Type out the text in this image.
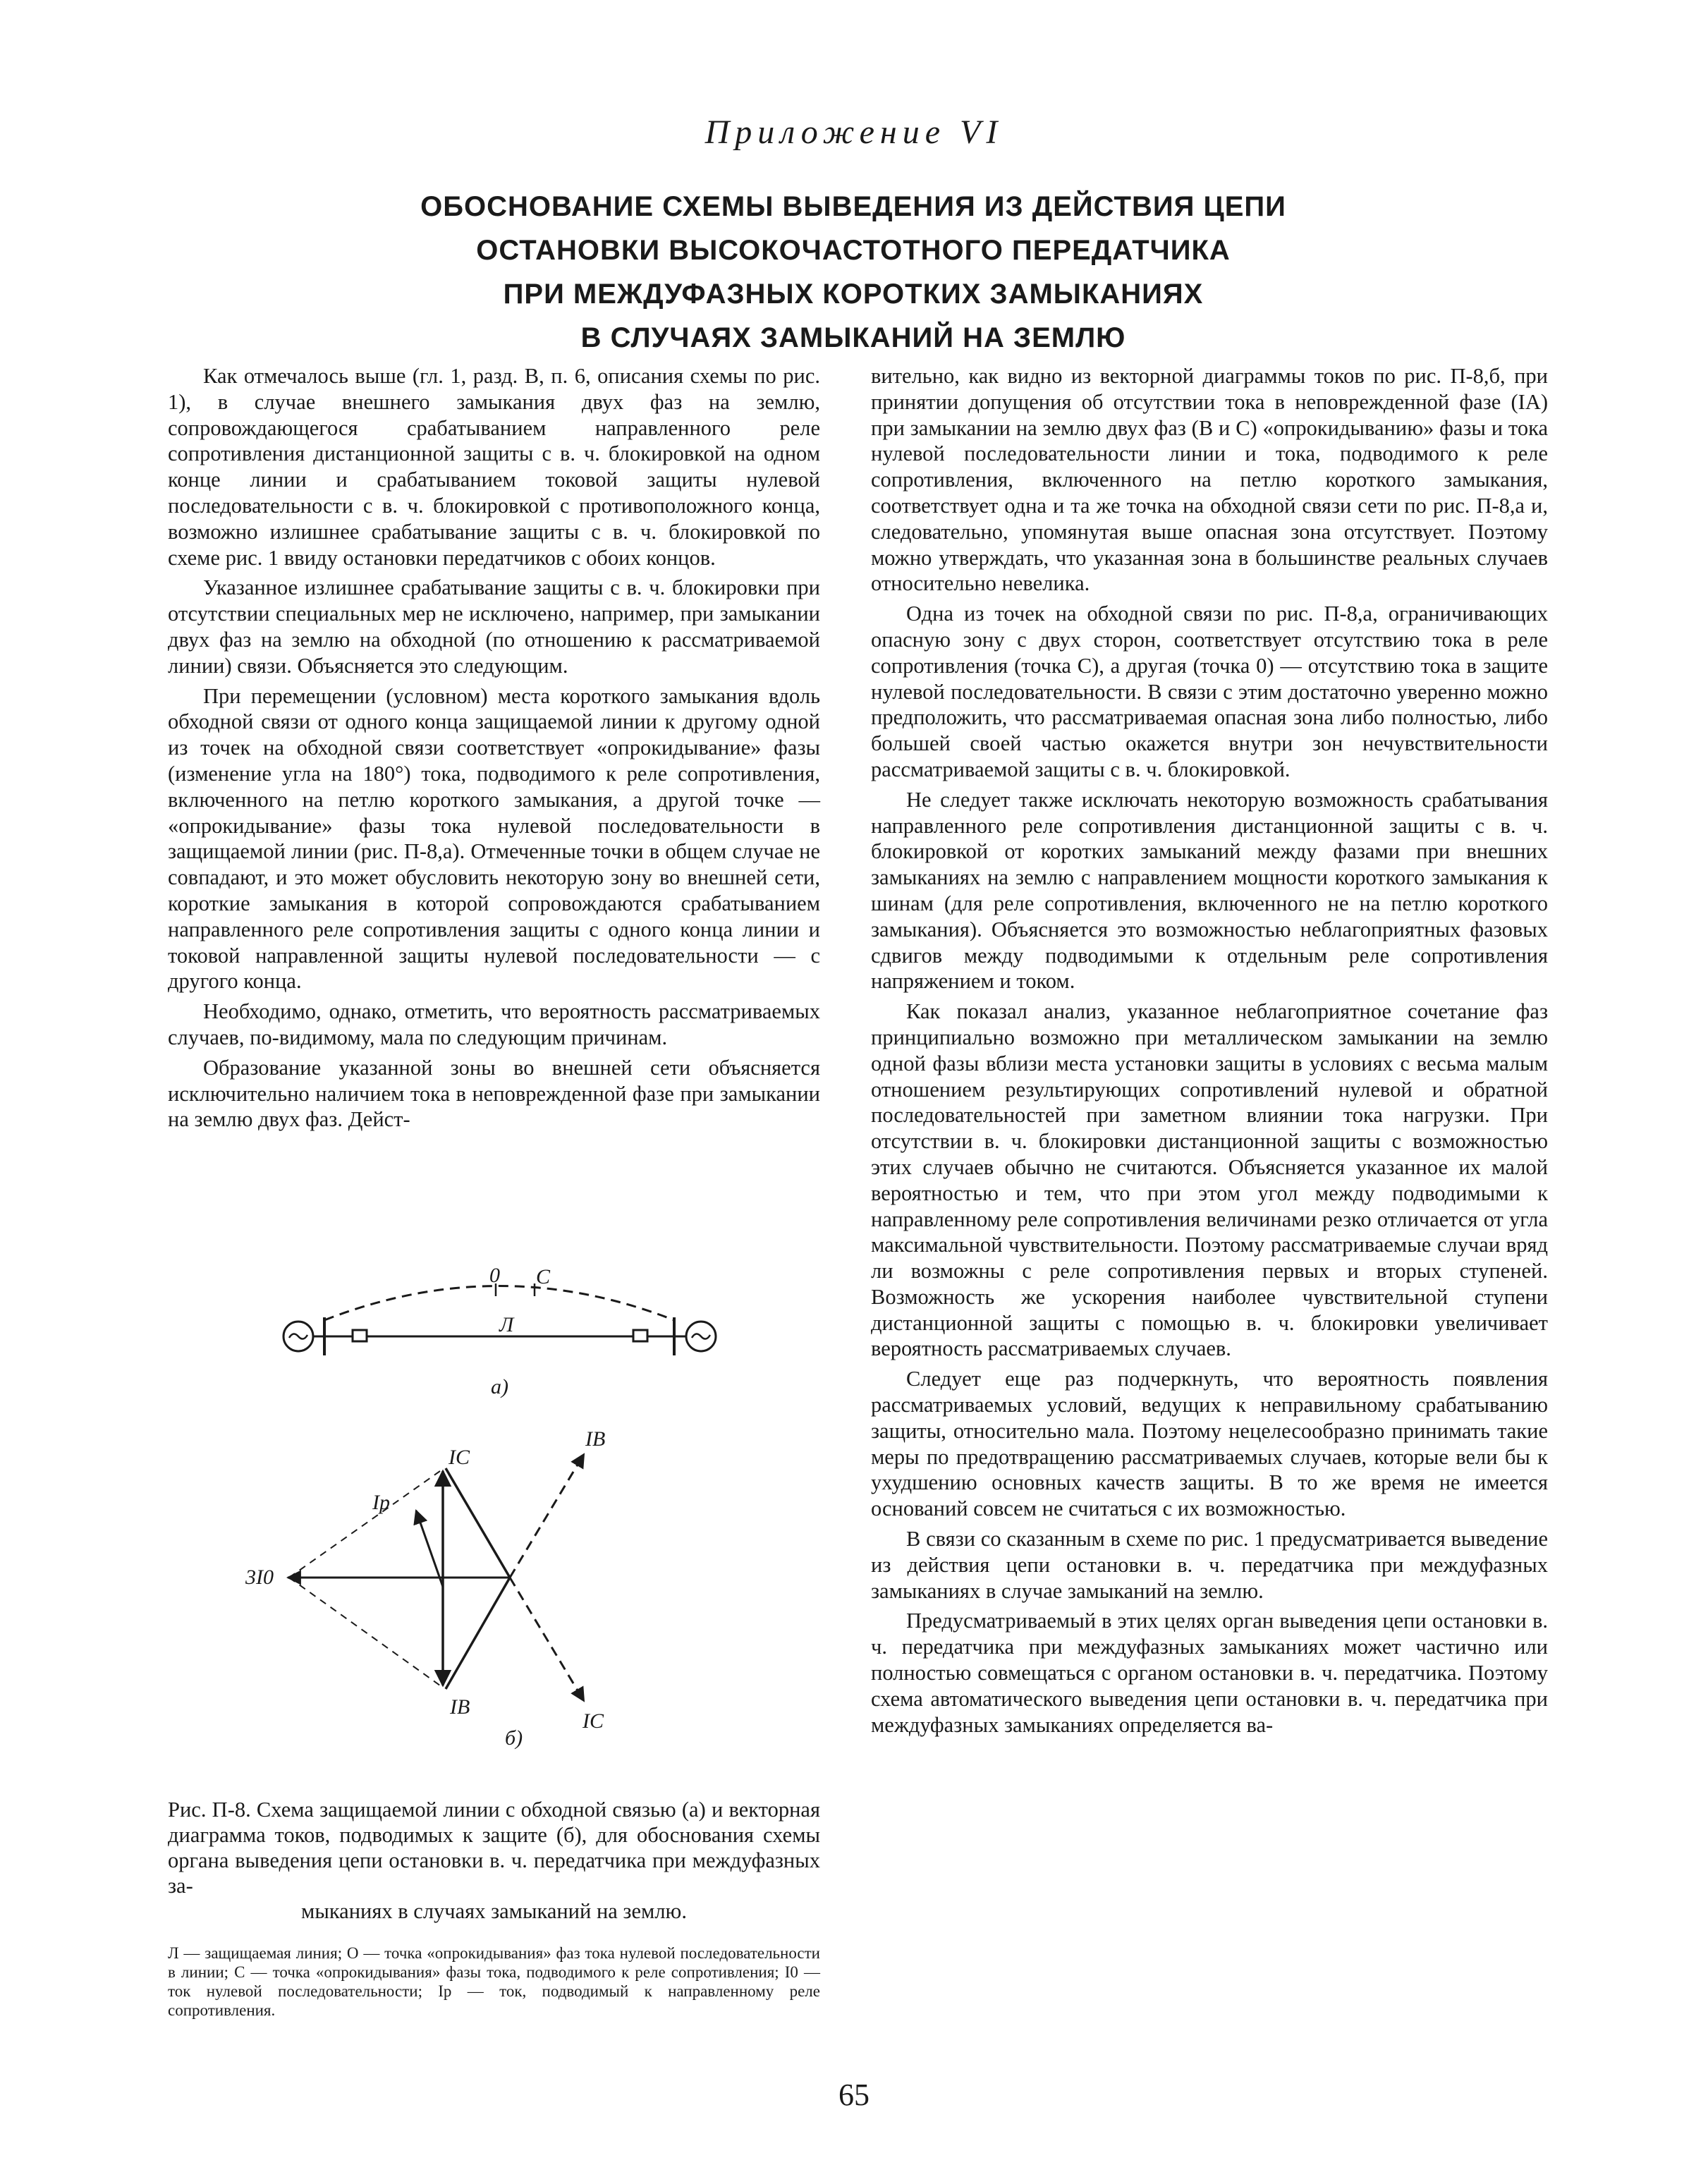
Приложение VI
ОБОСНОВАНИЕ СХЕМЫ ВЫВЕДЕНИЯ ИЗ ДЕЙСТВИЯ ЦЕПИ
ОСТАНОВКИ ВЫСОКОЧАСТОТНОГО ПЕРЕДАТЧИКА
ПРИ МЕЖДУФАЗНЫХ КОРОТКИХ ЗАМЫКАНИЯХ
В СЛУЧАЯХ ЗАМЫКАНИЙ НА ЗЕМЛЮ

Как отмечалось выше (гл. 1, разд. В, п. 6, описания схемы по рис. 1), в случае внешнего замыкания двух фаз на землю, сопровождающегося срабатыванием направленного реле сопротивления дистанционной защиты с в. ч. блокировкой на одном конце линии и срабатыванием токовой защиты нулевой последовательности с в. ч. блокировкой с противоположного конца, возможно излишнее срабатывание защиты с в. ч. блокировкой по схеме рис. 1 ввиду остановки передатчиков с обоих концов.

Указанное излишнее срабатывание защиты с в. ч. блокировки при отсутствии специальных мер не исключено, например, при замыкании двух фаз на землю на обходной (по отношению к рассматриваемой линии) связи. Объясняется это следующим.

При перемещении (условном) места короткого замыкания вдоль обходной связи от одного конца защищаемой линии к другому одной из точек на обходной связи соответствует «опрокидывание» фазы (изменение угла на 180°) тока, подводимого к реле сопротивления, включенного на петлю короткого замыкания, а другой точке — «опрокидывание» фазы тока нулевой последовательности в защищаемой линии (рис. П-8,а). Отмеченные точки в общем случае не совпадают, и это может обусловить некоторую зону во внешней сети, короткие замыкания в которой сопровождаются срабатыванием направленного реле сопротивления защиты с одного конца линии и токовой направленной защиты нулевой последовательности — с другого конца.

Необходимо, однако, отметить, что вероятность рассматриваемых случаев, по-видимому, мала по следующим причинам.

Образование указанной зоны во внешней сети объясняется исключительно наличием тока в неповрежденной фазе при замыкании на землю двух фаз. Дейст-

0 C
Л
а)
IC
IB
Iр
3I0
IB
IC
б)
Рис. П-8. Схема защищаемой линии с обходной связью (а) и векторная диаграмма токов, подводимых к защите (б), для обоснования схемы органа выведения цепи остановки в. ч. передатчика при междуфазных за-
мыканиях в случаях замыканий на землю.
Л — защищаемая линия; О — точка «опрокидывания» фаз тока нулевой последовательности в линии; С — точка «опрокидывания» фазы тока, подводимого к реле сопротивления; I0 — ток нулевой последовательности; Iр — ток, подводимый к направленному реле сопротивления.

вительно, как видно из векторной диаграммы токов по рис. П-8,б, при принятии допущения об отсутствии тока в неповрежденной фазе (IA) при замыкании на землю двух фаз (B и C) «опрокидыванию» фазы и тока нулевой последовательности линии и тока, подводимого к реле сопротивления, включенного на петлю короткого замыкания, соответствует одна и та же точка на обходной связи сети по рис. П-8,а и, следовательно, упомянутая выше опасная зона отсутствует. Поэтому можно утверждать, что указанная зона в большинстве реальных случаев относительно невелика.

Одна из точек на обходной связи по рис. П-8,а, ограничивающих опасную зону с двух сторон, соответствует отсутствию тока в реле сопротивления (точка C), а другая (точка 0) — отсутствию тока в защите нулевой последовательности. В связи с этим достаточно уверенно можно предположить, что рассматриваемая опасная зона либо полностью, либо большей своей частью окажется внутри зон нечувствительности рассматриваемой защиты с в. ч. блокировкой.

Не следует также исключать некоторую возможность срабатывания направленного реле сопротивления дистанционной защиты с в. ч. блокировкой от коротких замыканий между фазами при внешних замыканиях на землю с направлением мощности короткого замыкания к шинам (для реле сопротивления, включенного не на петлю короткого замыкания). Объясняется это возможностью неблагоприятных фазовых сдвигов между подводимыми к отдельным реле сопротивления напряжением и током.

Как показал анализ, указанное неблагоприятное сочетание фаз принципиально возможно при металлическом замыкании на землю одной фазы вблизи места установки защиты в условиях с весьма малым отношением результирующих сопротивлений нулевой и обратной последовательностей при заметном влиянии тока нагрузки. При отсутствии в. ч. блокировки дистанционной защиты с возможностью этих случаев обычно не считаются. Объясняется указанное их малой вероятностью и тем, что при этом угол между подводимыми к направленному реле сопротивления величинами резко отличается от угла максимальной чувствительности. Поэтому рассматриваемые случаи вряд ли возможны с реле сопротивления первых и вторых ступеней. Возможность же ускорения наиболее чувствительной ступени дистанционной защиты с помощью в. ч. блокировки увеличивает вероятность рассматриваемых случаев.

Следует еще раз подчеркнуть, что вероятность появления рассматриваемых условий, ведущих к неправильному срабатыванию защиты, относительно мала. Поэтому нецелесообразно принимать такие меры по предотвращению рассматриваемых случаев, которые вели бы к ухудшению основных качеств защиты. В то же время не имеется оснований совсем не считаться с их возможностью.

В связи со сказанным в схеме по рис. 1 предусматривается выведение из действия цепи остановки в. ч. передатчика при междуфазных замыканиях в случае замыканий на землю.

Предусматриваемый в этих целях орган выведения цепи остановки в. ч. передатчика при междуфазных замыканиях может частично или полностью совмещаться с органом остановки в. ч. передатчика. Поэтому схема автоматического выведения цепи остановки в. ч. передатчика при междуфазных замыканиях определяется ва-

65
